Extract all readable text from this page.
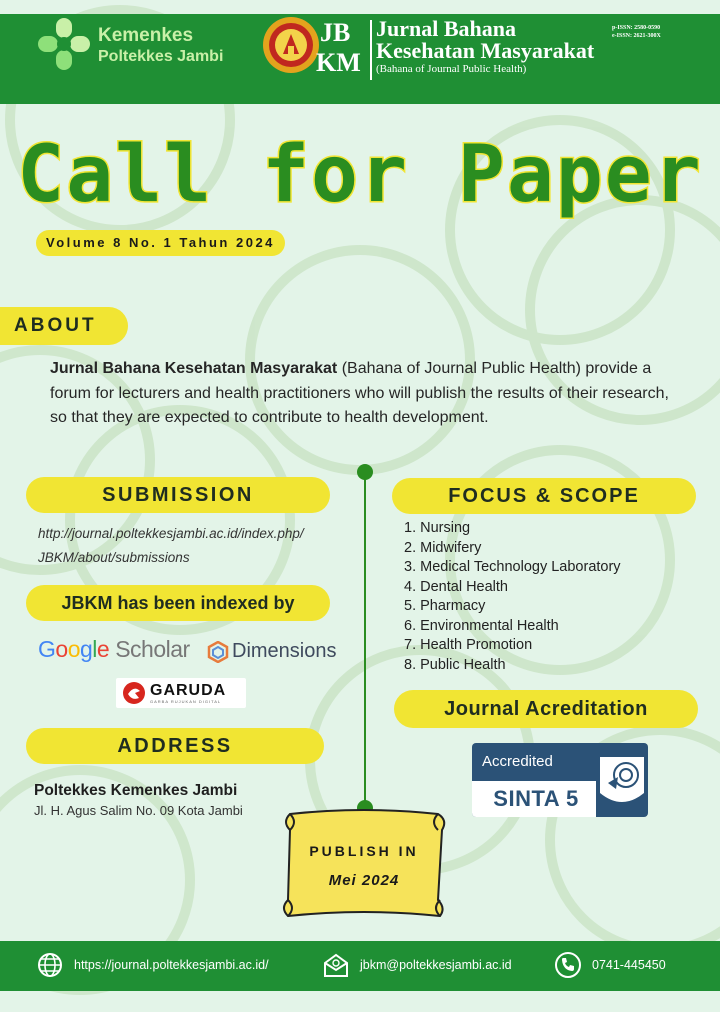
Kemenkes
Poltekkes Jambi
JB
KM
Jurnal Bahana
Kesehatan Masyarakat
(Bahana of Journal Public Health)
p-ISSN: 2580-0590
e-ISSN: 2621-300X
Call for Paper
Volume 8 No. 1 Tahun 2024
ABOUT
Jurnal Bahana Kesehatan Masyarakat (Bahana of Journal Public Health) provide a forum for lecturers and health practitioners who will publish the results of their research, so that they are expected to contribute to health development.
SUBMISSION
http://journal.poltekkesjambi.ac.id/index.php/
JBKM/about/submissions
FOCUS & SCOPE
1. Nursing
2. Midwifery
3. Medical Technology Laboratory
4. Dental Health
5. Pharmacy
6. Environmental Health
7. Health Promotion
8. Public Health
JBKM has been indexed by
Google Scholar Dimensions
GARUDA
GARBA RUJUKAN DIGITAL	Journal Acreditation
Accredited
SINTA 5
ADDRESS
Poltekkes Kemenkes Jambi
Jl. H. Agus Salim No. 09 Kota Jambi
PUBLISH IN
Mei 2024
https://journal.poltekkesjambi.ac.id/	jbkm@poltekkesjambi.ac.id	0741-445450
